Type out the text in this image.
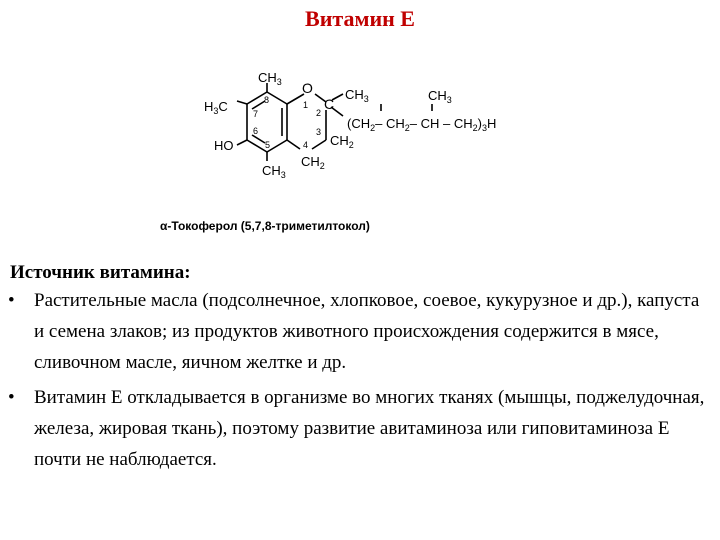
Витамин Е
$CH_3$ O $CH_3$	$CH_3$
$H_3C$	C
($CH_2-$ $CH_2-$ CH – $CH_2)_3H$
$CH_2$
HO
$CH_2$
$CH_3$
1
2
3
4
5
6
7
8
α-Токоферол (5,7,8-триметилтокол)
Источник витамина:
• Растительные масла (подсолнечное, хлопковое, соевое, кукурузное и др.), капуста и семена злаков; из продуктов животного происхождения содержится в мясе, сливочном масле, яичном желтке и др.
• Витамин Е откладывается в организме во многих тканях (мышцы, поджелудочная, железа, жировая ткань), поэтому развитие авитаминоза или гиповитаминоза Е почти не наблюдается.
